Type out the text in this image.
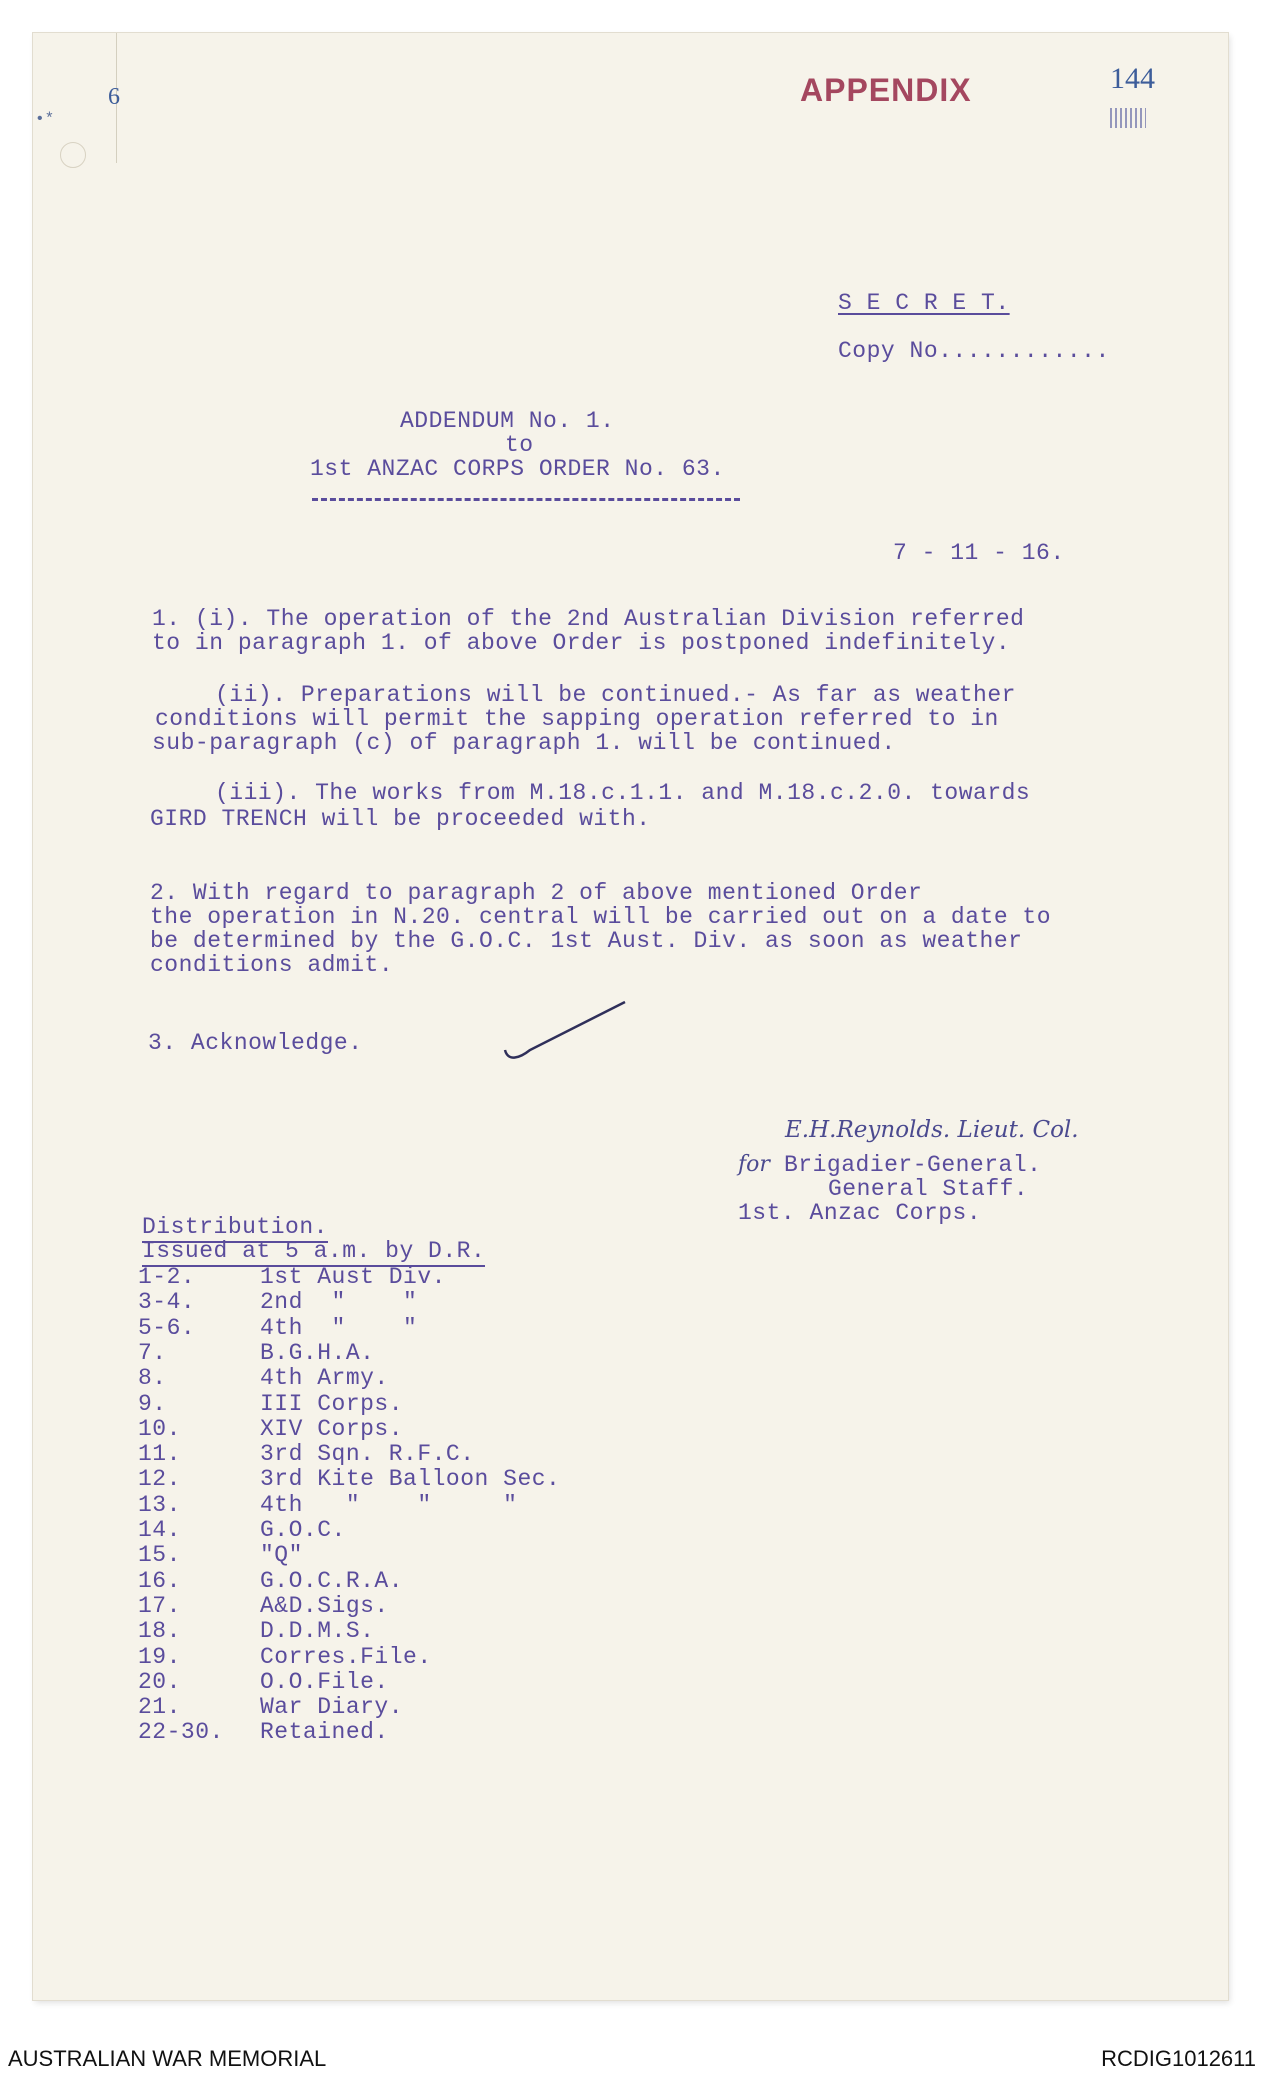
•*
6	APPENDIX	144
S E C R E T.
Copy No............
ADDENDUM No. 1.
to
1st ANZAC CORPS ORDER No. 63.
7 - 11 - 16.
1. (i). The operation of the 2nd Australian Division referred
to in paragraph 1. of above Order is postponed indefinitely.
(ii). Preparations will be continued.- As far as weather
conditions will permit the sapping operation referred to in
sub-paragraph (c) of paragraph 1. will be continued.
(iii). The works from M.18.c.1.1. and M.18.c.2.0. towards
GIRD TRENCH will be proceeded with.
2. With regard to paragraph 2 of above mentioned Order
the operation in N.20. central will be carried out on a date to
be determined by the G.O.C. 1st Aust. Div. as soon as weather
conditions admit.
3. Acknowledge.
E.H.Reynolds. Lieut. Col.
for Brigadier-General.
General Staff.
1st. Anzac Corps.
Distribution.
Issued at 5 a.m. by D.R.
1-2.	1st Aust Div.
3-4.	2nd  "    "
5-6.	4th  "    "
7.	B.G.H.A.
8.	4th Army.
9.	III Corps.
10.	XIV Corps.
11.	3rd Sqn. R.F.C.
12.	3rd Kite Balloon Sec.
13.	4th   "    "     "
14.	G.O.C.
15.	"Q"
16.	G.O.C.R.A.
17.	A&D.Sigs.
18.	D.D.M.S.
19.	Corres.File.
20.	O.O.File.
21.	War Diary.
22-30. Retained.
AUSTRALIAN WAR MEMORIAL	RCDIG1012611
